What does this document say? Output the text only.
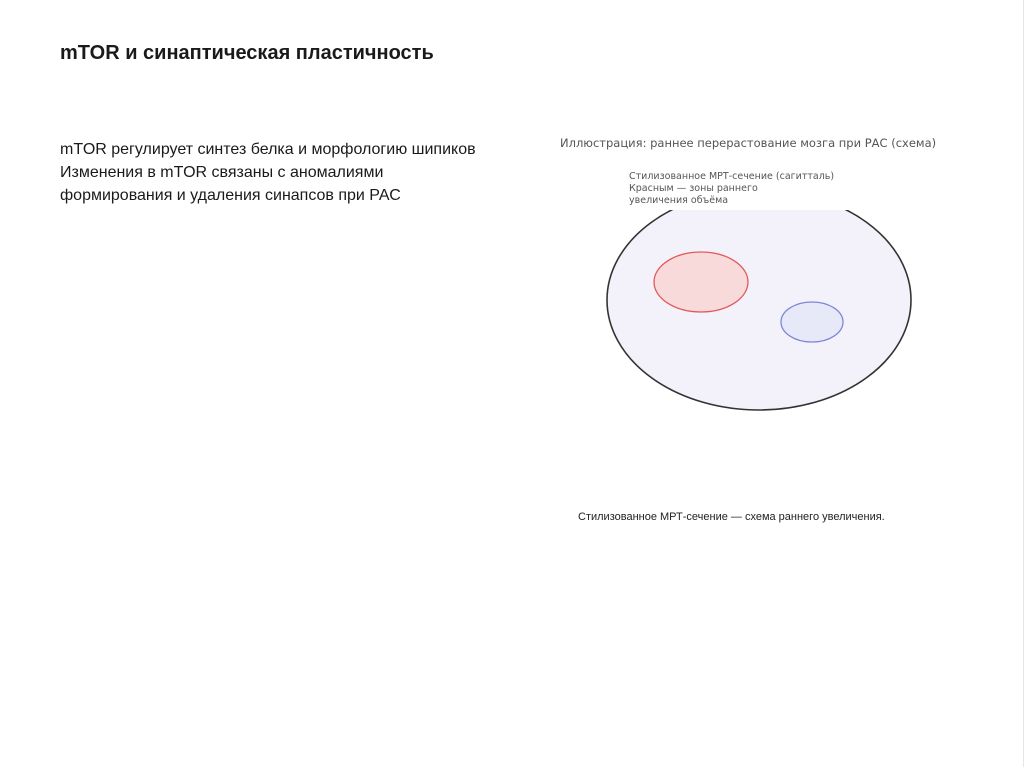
mTOR и синаптическая пластичность
mTOR регулирует синтез белка и морфологию шипиков
Изменения в mTOR связаны с аномалиями
формирования и удаления синапсов при РАС
Иллюстрация: раннее перерастование мозга при РАС (схема)
Стилизованное МРТ-сечение (сагитталь)
Красным — зоны раннего
увеличения объёма
Стилизованное МРТ-сечение — схема раннего увеличения.
